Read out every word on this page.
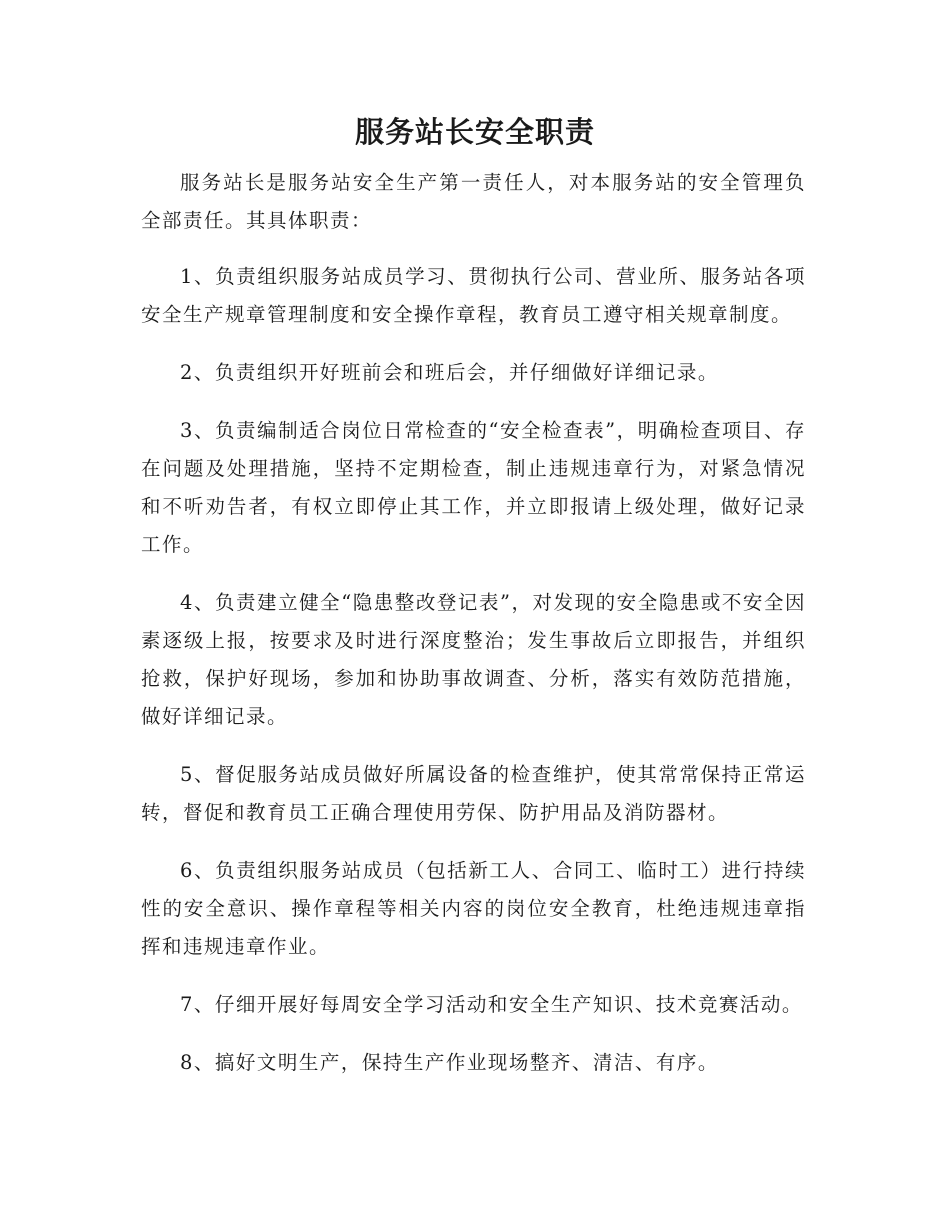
服务站长安全职责

服务站长是服务站安全生产第一责任人，对本服务站的安全管理负全部责任。其具体职责：

1、负责组织服务站成员学习、贯彻执行公司、营业所、服务站各项安全生产规章管理制度和安全操作章程，教育员工遵守相关规章制度。

2、负责组织开好班前会和班后会，并仔细做好详细记录。

3、负责编制适合岗位日常检查的“安全检查表”，明确检查项目、存在问题及处理措施，坚持不定期检查，制止违规违章行为，对紧急情况和不听劝告者，有权立即停止其工作，并立即报请上级处理，做好记录工作。

4、负责建立健全“隐患整改登记表”，对发现的安全隐患或不安全因素逐级上报，按要求及时进行深度整治；发生事故后立即报告，并组织抢救，保护好现场，参加和协助事故调查、分析，落实有效防范措施，做好详细记录。

5、督促服务站成员做好所属设备的检查维护，使其常常保持正常运转，督促和教育员工正确合理使用劳保、防护用品及消防器材。

6、负责组织服务站成员（包括新工人、合同工、临时工）进行持续性的安全意识、操作章程等相关内容的岗位安全教育，杜绝违规违章指挥和违规违章作业。

7、仔细开展好每周安全学习活动和安全生产知识、技术竞赛活动。

8、搞好文明生产，保持生产作业现场整齐、清洁、有序。
